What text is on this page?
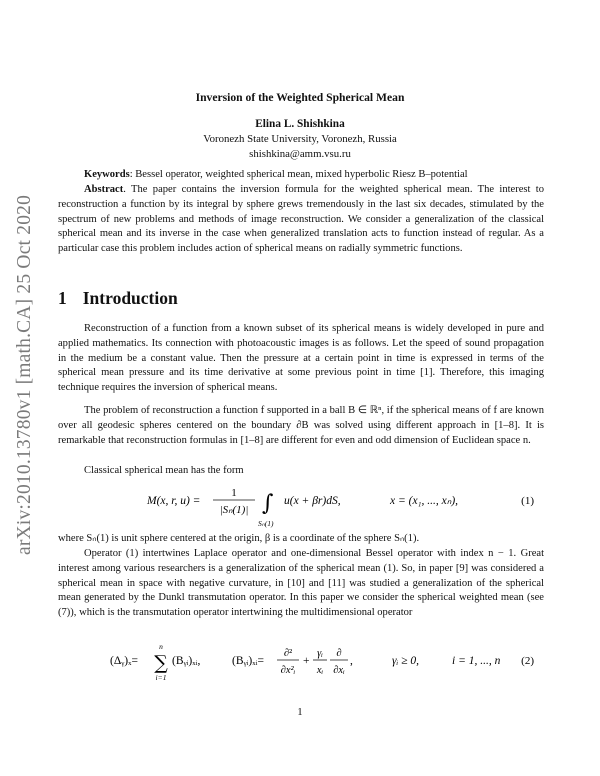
arXiv:2010.13780v1 [math.CA] 25 Oct 2020
Inversion of the Weighted Spherical Mean
Elina L. Shishkina
Voronezh State University, Voronezh, Russia
shishkina@amm.vsu.ru
Keywords: Bessel operator, weighted spherical mean, mixed hyperbolic Riesz B–potential
Abstract. The paper contains the inversion formula for the weighted spherical mean. The interest to reconstruction a function by its integral by sphere grews tremendously in the last six decades, stimulated by the spectrum of new problems and methods of image reconstruction. We consider a generalization of the classical spherical mean and its inverse in the case when generalized translation acts to function instead of regular. As a particular case this problem includes action of spherical means on radially symmetric functions.
1 Introduction
Reconstruction of a function from a known subset of its spherical means is widely developed in pure and applied mathematics. Its connection with photoacoustic images is as follows. Let the speed of sound propagation in the medium be a constant value. Then the pressure at a certain point in time is expressed in terms of the spherical mean pressure and its time derivative at some previous point in time [1]. Therefore, this imaging technique requires the inversion of spherical means.
The problem of reconstruction a function f supported in a ball B ∈ ℝⁿ, if the spherical means of f are known over all geodesic spheres centered on the boundary ∂B was solved using different approach in [1–8]. It is remarkable that reconstruction formulas in [1–8] are different for even and odd dimension of Euclidean space n.
Classical spherical mean has the form
M(x, r, u) =
1
|Sₙ(1)| ∫
Sₙ(1)
u(x + βr)dS,	x = (x₁, ..., xₙ),	(1)
where Sₙ(1) is unit sphere centered at the origin, β is a coordinate of the sphere Sₙ(1).
Operator (1) intertwines Laplace operator and one-dimensional Bessel operator with index n − 1. Great interest among various researchers is a generalization of the spherical mean (1). So, in paper [9] was considered a spherical mean in space with negative curvature, in [10] and [11] was studied a generalization of the spherical mean generated by the Dunkl transmutation operator. In this paper we consider the spherical weighted mean (see (7)), which is the transmutation operator intertwining the multidimensional operator
(Δᵧ)ₓ=
n
∑
i=1
(Bᵧᵢ)ₓᵢ,	(Bᵧᵢ)ₓᵢ=
∂²
∂x²ᵢ
+
γᵢ
xᵢ
∂
∂xᵢ
,	γᵢ ≥ 0,	i = 1, ..., n (2)
1
